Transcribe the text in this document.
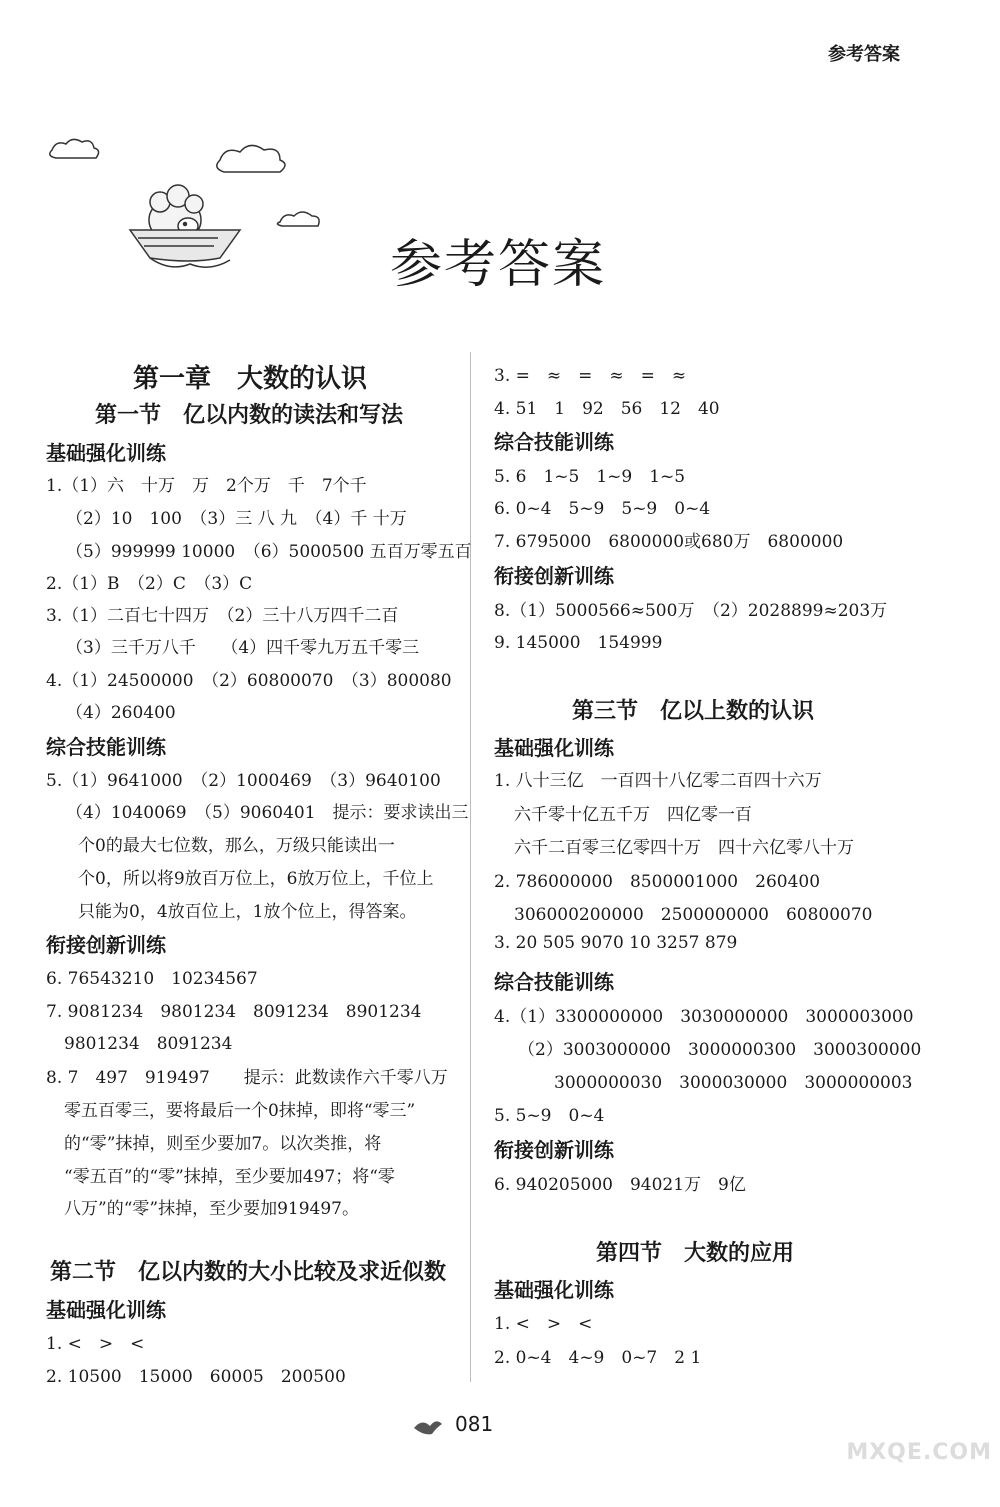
参考答案
参考答案
第一章　大数的认识
第一节　亿以内数的读法和写法
基础强化训练
1.（1）六　十万　万　2个万　千　7个千
（2）10　100　（3）三 八 九　（4）千 十万
（5）999999 10000　（6）5000500 五百万零五百
2.（1）B　（2）C　（3）C
3.（1）二百七十四万　（2）三十八万四千二百
（3）三千万八千　　（4）四千零九万五千零三
4.（1）24500000　（2）60800070　（3）800080
（4）260400
综合技能训练
5.（1）9641000　（2）1000469　（3）9640100
（4）1040069　（5）9060401　提示：要求读出三
个0的最大七位数，那么，万级只能读出一
个0，所以将9放百万位上，6放万位上，千位上
只能为0，4放百位上，1放个位上，得答案。
衔接创新训练
6. 76543210　10234567
7. 9081234　9801234　8091234　8901234
9801234　8091234
8. 7　497　919497　　提示：此数读作六千零八万
零五百零三，要将最后一个0抹掉，即将“零三”
的“零”抹掉，则至少要加7。以次类推，将
“零五百”的“零”抹掉，至少要加497；将“零
八万”的“零”抹掉，至少要加919497。
第二节　亿以内数的大小比较及求近似数
基础强化训练
1. <　>　<
2. 10500　15000　60005　200500
3. =　≈　=　≈　=　≈
4. 51　1　92　56　12　40
综合技能训练
5. 6　1~5　1~9　1~5
6. 0~4　5~9　5~9　0~4
7. 6795000　6800000或680万　6800000
衔接创新训练
8.（1）5000566≈500万　（2）2028899≈203万
9. 145000　154999
第三节　亿以上数的认识
基础强化训练
1. 八十三亿　一百四十八亿零二百四十六万
六千零十亿五千万　四亿零一百
六千二百零三亿零四十万　四十六亿零八十万
2. 786000000　8500001000　260400
306000200000　2500000000　60800070
3. 20 505 9070 10 3257 879
综合技能训练
4.（1）3300000000　3030000000　3000003000
（2）3003000000　3000000300　3000300000
3000000030　3000030000　3000000003
5. 5~9　0~4
衔接创新训练
6. 940205000　94021万　9亿
第四节　大数的应用
基础强化训练
1. <　>　<
2. 0~4　4~9　0~7　2 1
081
MXQE.COM
